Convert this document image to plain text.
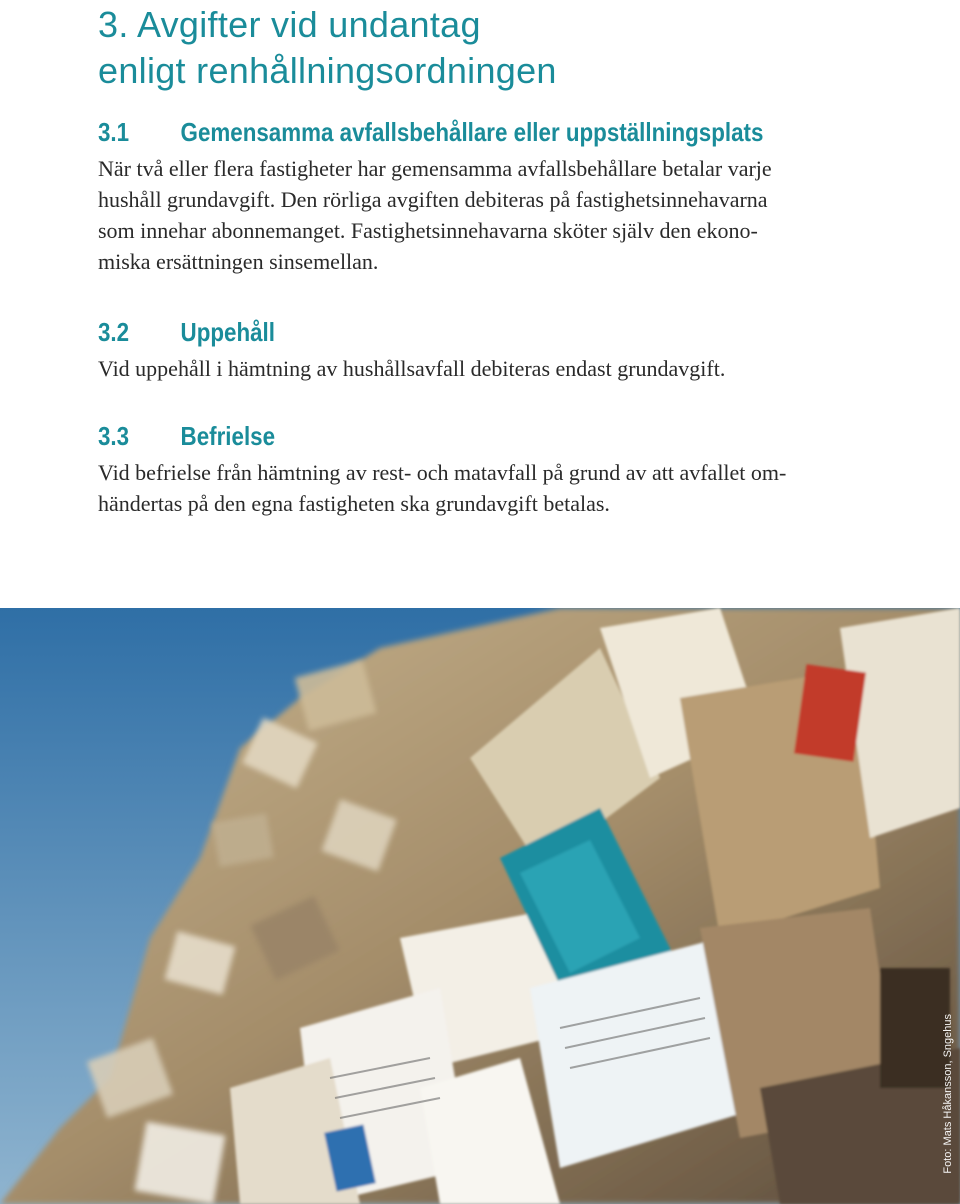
3. Avgifter vid undantag
enligt renhållningsordningen
3.1 Gemensamma avfallsbehållare eller uppställningsplats
När två eller flera fastigheter har gemensamma avfallsbehållare betalar varje
hushåll grundavgift. Den rörliga avgiften debiteras på fastighetsinnehavarna
som innehar abonnemanget. Fastighetsinnehavarna sköter själv den ekono-
miska ersättningen sinsemellan.
3.2 Uppehåll
Vid uppehåll i hämtning av hushållsavfall debiteras endast grundavgift.
3.3 Befrielse
Vid befrielse från hämtning av rest- och matavfall på grund av att avfallet om-
händertas på den egna fastigheten ska grundavgift betalas.
Foto: Mats Håkansson, Sngehus
